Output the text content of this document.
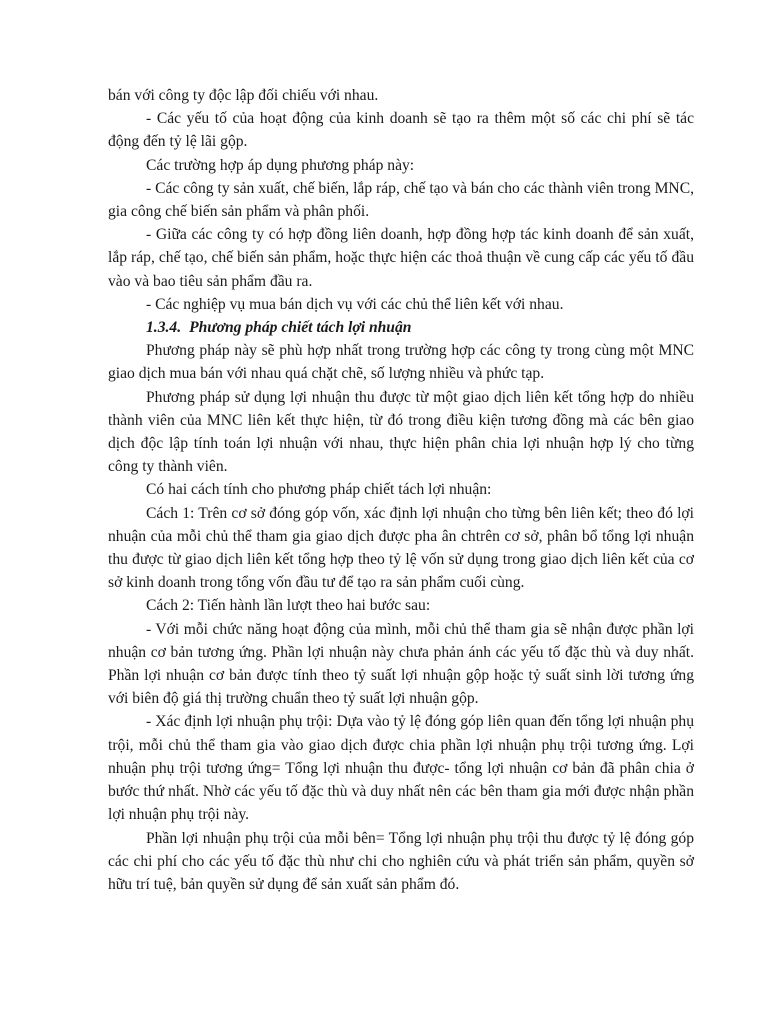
bán với công ty độc lập đối chiếu với nhau.

- Các yếu tố của hoạt động của kinh doanh sẽ tạo ra thêm một số các chi phí sẽ tác động đến tỷ lệ lãi gộp.

Các trường hợp áp dụng phương pháp này:

- Các công ty sản xuất, chế biến, lắp ráp, chế tạo và bán cho các thành viên trong MNC, gia công chế biến sản phẩm và phân phối.

- Giữa các công ty có hợp đồng liên doanh, hợp đồng hợp tác kinh doanh để sản xuất, lắp ráp, chế tạo, chế biến sản phẩm, hoặc thực hiện các thoả thuận về cung cấp các yếu tố đầu vào và bao tiêu sản phẩm đầu ra.

- Các nghiệp vụ mua bán dịch vụ với các chủ thể liên kết với nhau.

1.3.4. Phương pháp chiết tách lợi nhuận

Phương pháp này sẽ phù hợp nhất trong trường hợp các công ty trong cùng một MNC giao dịch mua bán với nhau quá chặt chẽ, số lượng nhiều và phức tạp.

Phương pháp sử dụng lợi nhuận thu được từ một giao dịch liên kết tổng hợp do nhiều thành viên của MNC liên kết thực hiện, từ đó trong điều kiện tương đồng mà các bên giao dịch độc lập tính toán lợi nhuận với nhau, thực hiện phân chia lợi nhuận hợp lý cho từng công ty thành viên.

Có hai cách tính cho phương pháp chiết tách lợi nhuận:

Cách 1: Trên cơ sở đóng góp vốn, xác định lợi nhuận cho từng bên liên kết; theo đó lợi nhuận của mỗi chủ thể tham gia giao dịch được pha ân chtrên cơ sở, phân bổ tổng lợi nhuận thu được từ giao dịch liên kết tổng hợp theo tỷ lệ vốn sử dụng trong giao dịch liên kết của cơ sở kinh doanh trong tổng vốn đầu tư để tạo ra sản phẩm cuối cùng.

Cách 2: Tiến hành lần lượt theo hai bước sau:

- Với mỗi chức năng hoạt động của mình, mỗi chủ thể tham gia sẽ nhận được phần lợi nhuận cơ bản tương ứng. Phần lợi nhuận này chưa phản ánh các yếu tố đặc thù và duy nhất. Phần lợi nhuận cơ bản được tính theo tỷ suất lợi nhuận gộp hoặc tỷ suất sinh lời tương ứng với biên độ giá thị trường chuẩn theo tỷ suất lợi nhuận gộp.

- Xác định lợi nhuận phụ trội: Dựa vào tỷ lệ đóng góp liên quan đến tổng lợi nhuận phụ trội, mỗi chủ thể tham gia vào giao dịch được chia phần lợi nhuận phụ trội tương ứng. Lợi nhuận phụ trội tương ứng= Tổng lợi nhuận thu được- tổng lợi nhuận cơ bản đã phân chia ở bước thứ nhất. Nhờ các yếu tố đặc thù và duy nhất nên các bên tham gia mới được nhận phần lợi nhuận phụ trội này.

Phần lợi nhuận phụ trội của mỗi bên= Tổng lợi nhuận phụ trội thu được tỷ lệ đóng góp các chi phí cho các yếu tố đặc thù như chi cho nghiên cứu và phát triển sản phẩm, quyền sở hữu trí tuệ, bản quyền sử dụng để sản xuất sản phẩm đó.
